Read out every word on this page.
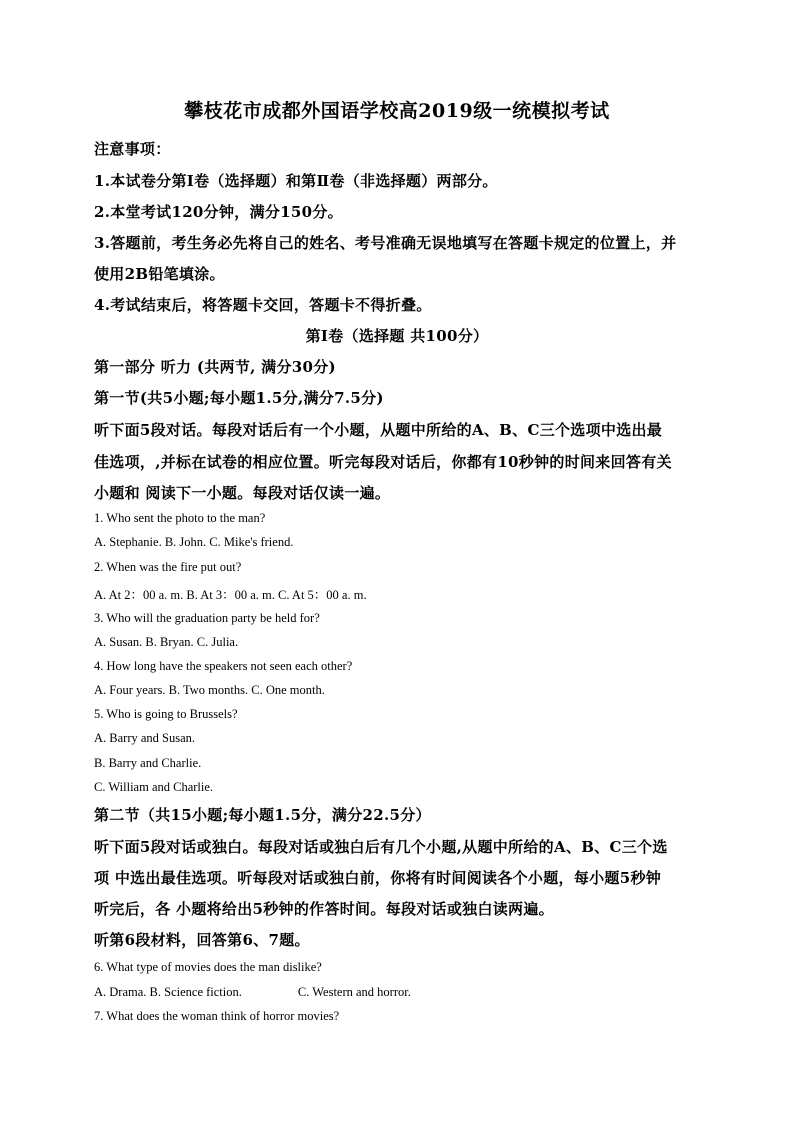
攀枝花市成都外国语学校高2019级一统模拟考试
注意事项：
1.本试卷分第Ⅰ卷（选择题）和第Ⅱ卷（非选择题）两部分。
2.本堂考试120分钟，满分150分。
3.答题前，考生务必先将自己的姓名、考号准确无误地填写在答题卡规定的位置上，并
使用2B铅笔填涂。
4.考试结束后，将答题卡交回，答题卡不得折叠。
第Ⅰ卷（选择题 共100分）
第一部分 听力 (共两节, 满分30分)
第一节(共5小题;每小题1.5分,满分7.5分)
听下面5段对话。每段对话后有一个小题，从题中所给的A、B、C三个选项中选出最
佳选项，,并标在试卷的相应位置。听完每段对话后，你都有10秒钟的时间来回答有关
小题和 阅读下一小题。每段对话仅读一遍。
1. Who sent the photo to the man?
A. Stephanie. B. John. C. Mike's friend.
2. When was the fire put out?
A. At 2：00 a. m. B. At 3：00 a. m. C. At 5：00 a. m.
3. Who will the graduation party be held for?
A. Susan. B. Bryan. C. Julia.
4. How long have the speakers not seen each other?
A. Four years. B. Two months. C. One month.
5. Who is going to Brussels?
A. Barry and Susan.
B. Barry and Charlie.
C. William and Charlie.
第二节（共15小题;每小题1.5分，满分22.5分）
听下面5段对话或独白。每段对话或独白后有几个小题,从题中所给的A、B、C三个选
项 中选出最佳选项。听每段对话或独白前，你将有时间阅读各个小题，每小题5秒钟
听完后，各 小题将给出5秒钟的作答时间。每段对话或独白读两遍。
听第6段材料，回答第6、7题。
6. What type of movies does the man dislike?
A. Drama. B. Science fiction.	C. Western and horror.
7. What does the woman think of horror movies?
